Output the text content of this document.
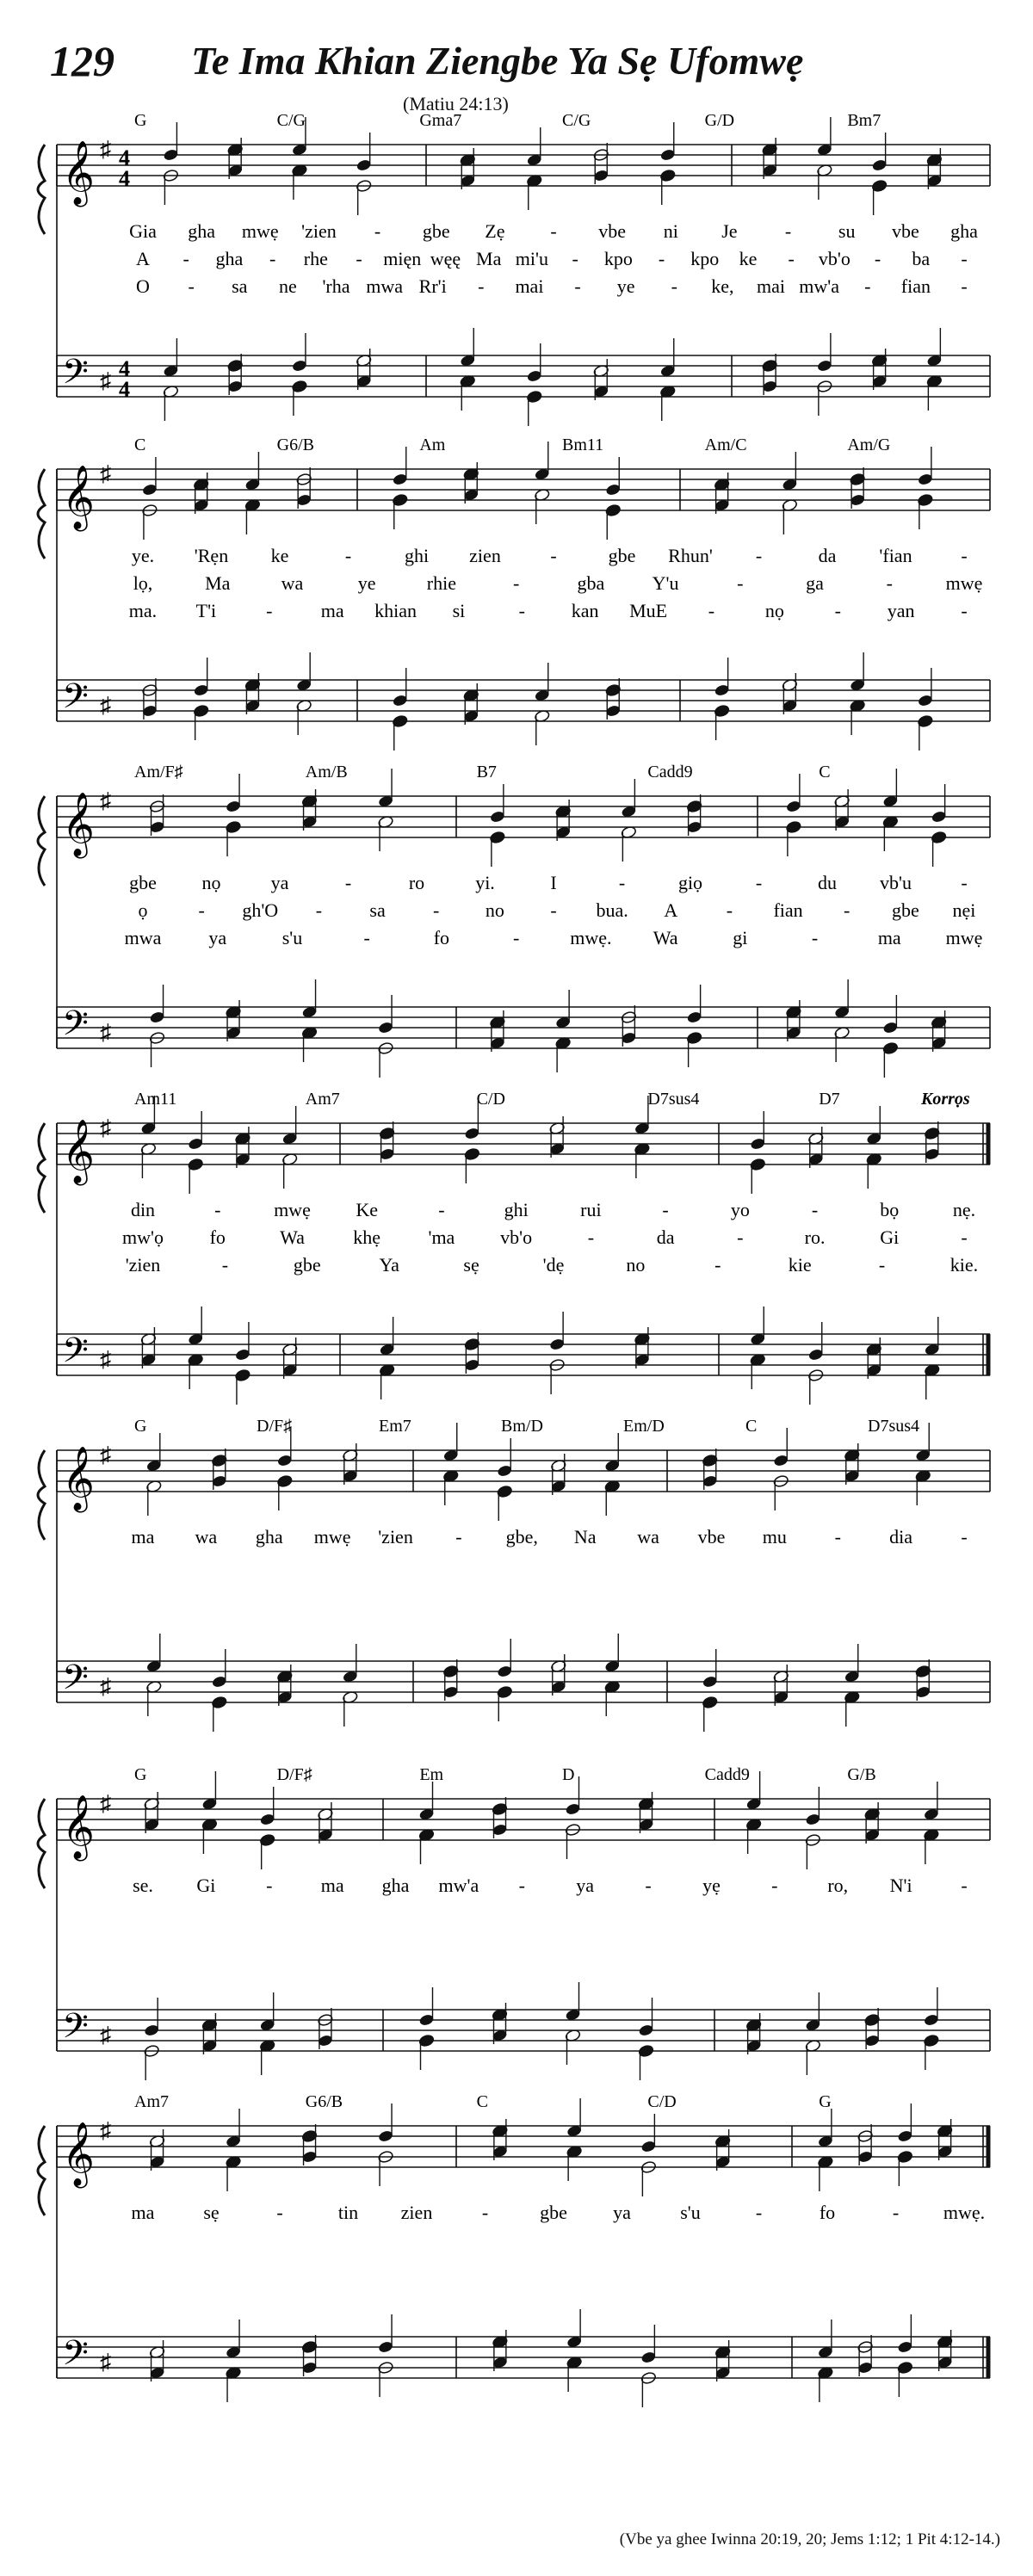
129 Te Ima Khian Ziengbe Ya Sẹ Ufomwẹ
(Matiu 24:13)
G	C/G	Gma7	C/G	G/D	Bm7
𝄞 ♯ 4
4
Gia gha mwẹ 'zien - gbe Zẹ - vbe ni Je	- su vbe gha
A - gha - rhe - mięn węę Ma mi'u - kpo - kpo ke - vb'o - ba -
O - sa ne 'rha mwa Rr'i - mai - ye - ke, mai mw'a - fian -
𝄢 ♯ 4
4
C	G6/B	Am	Bm11	Am/C	Am/G
𝄞 ♯
ye. 'Rẹn ke	-	ghi zien	-	gbe Rhun' -	da 'fian	-
lọ,	Ma	wa	ye	rhie	-	gba	Y'u	-	ga	-	mwẹ
ma. T'i	-	ma khian si	- kan MuE -	nọ	- yan -
𝄢 ♯
Am/F♯	Am/B	B7	Cadd9	C
𝄞 ♯
gbe nọ	ya	-	ro	yi.	I	-	giọ	-	du vb'u	-
ọ	- gh'O -	sa	- no - bua. A	- fian - gbe nẹi
mwa ya	s'u	-	fo	-	mwẹ. Wa	gi	-	ma mwẹ
𝄢 ♯
Am11	Am7	C/D	D7sus4	D7
𝄞 ♯
din	-	mwẹ Ke	-	ghi	rui	-	yo	-	bọ	nẹ.
mw'ọ fo	Wa	khẹ	'ma vb'o	-	da	-	ro.	Gi	-
'zien	-	gbe	Ya	sẹ	'dẹ	no	-	kie	-	kie.
𝄢 ♯
Korrọs
G	D/F♯	Em7	Bm/D	Em/D	C	D7sus4
𝄞 ♯
ma wa gha mwẹ 'zien - gbe, Na wa vbe mu	-	dia	-
𝄢 ♯
G	D/F♯	Em	D	Cadd9	G/B
𝄞 ♯
se. Gi	-	ma gha mw'a -	ya	-	yẹ	-	ro, N'i	-
𝄢 ♯
Am7	G6/B	C	C/D	G
𝄞 ♯
ma	sẹ	-	tin zien	-	gbe ya	s'u	-	fo	- mwẹ.
𝄢 ♯
(Vbe ya ghee Iwinna 20:19, 20; Jems 1:12; 1 Pit 4:12-14.)
